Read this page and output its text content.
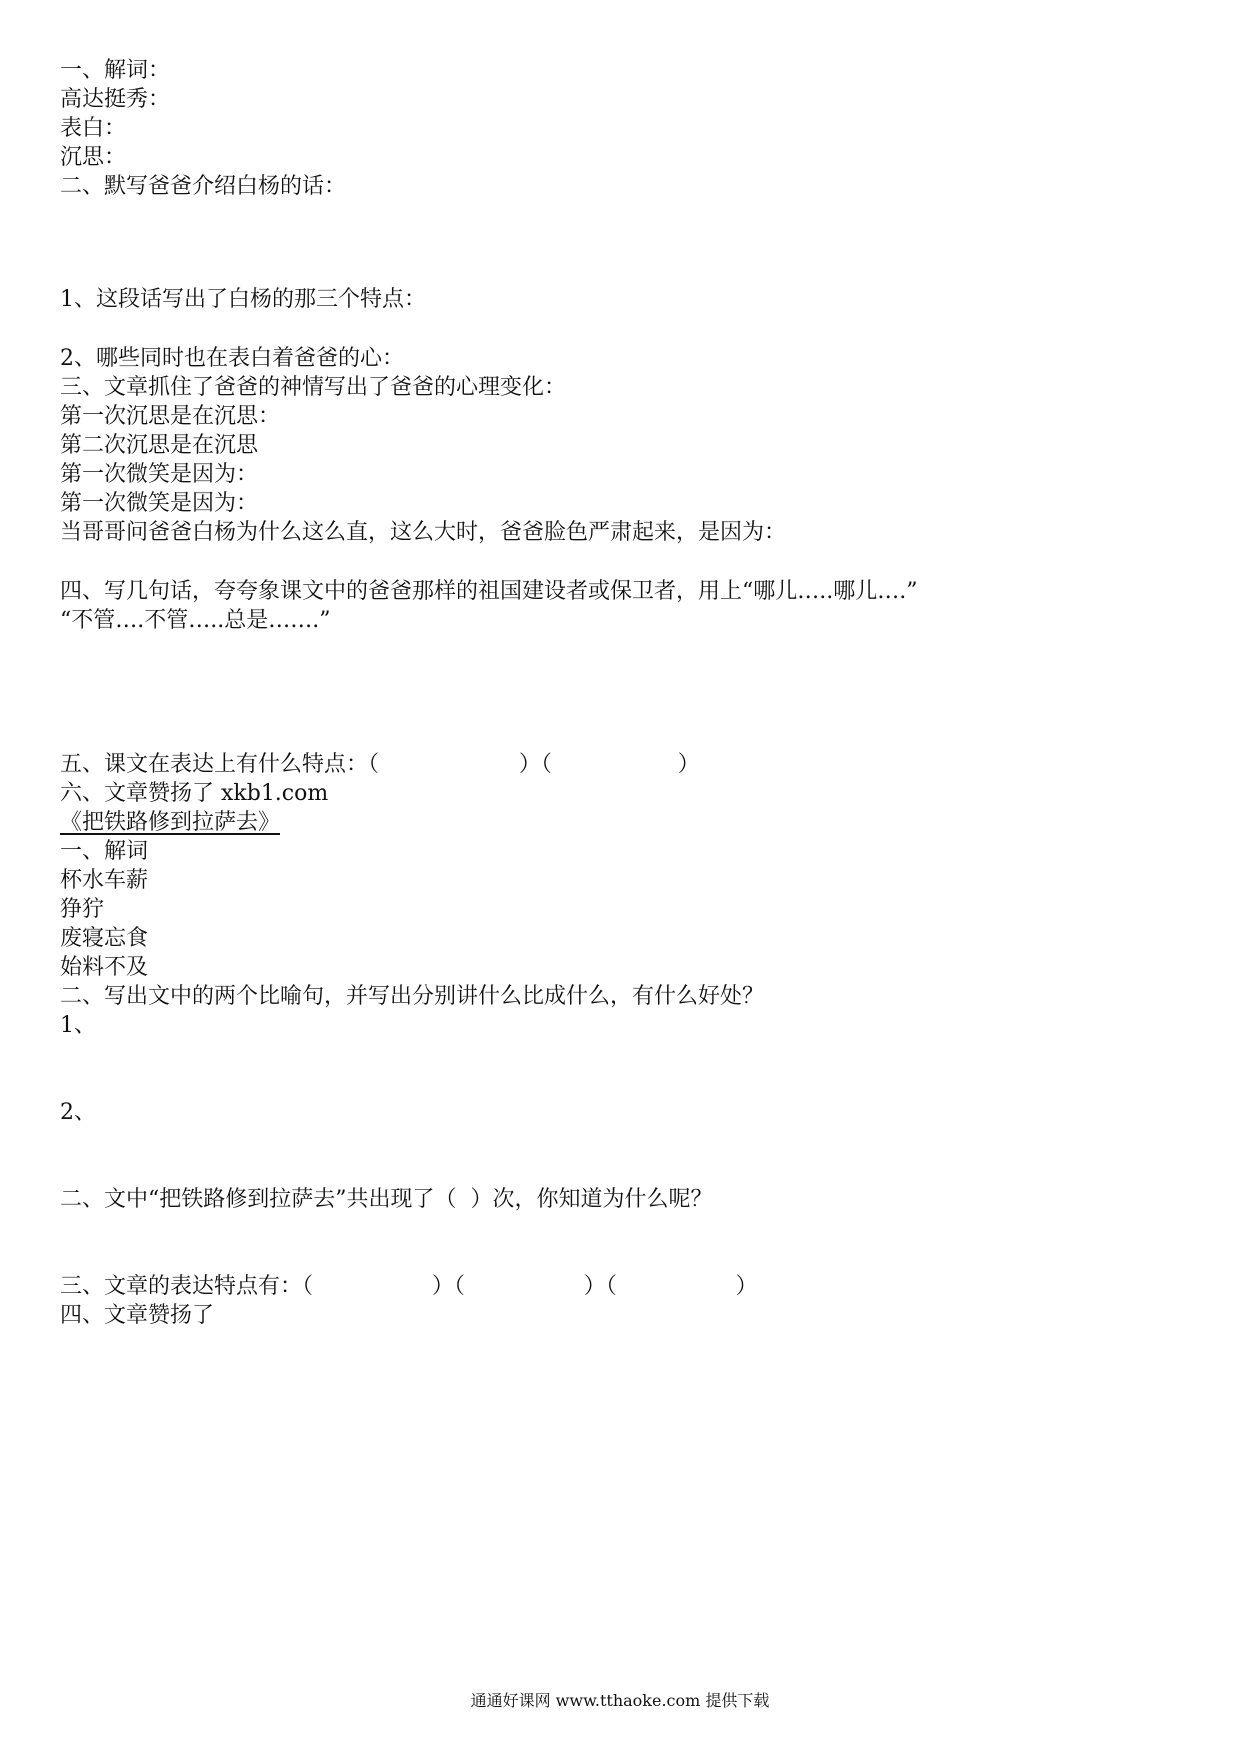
一、解词：
高达挺秀：
表白：
沉思：
二、默写爸爸介绍白杨的话：
1、这段话写出了白杨的那三个特点：
2、哪些同时也在表白着爸爸的心：
三、文章抓住了爸爸的神情写出了爸爸的心理变化：
第一次沉思是在沉思：
第二次沉思是在沉思
第一次微笑是因为：
第一次微笑是因为：
当哥哥问爸爸白杨为什么这么直，这么大时，爸爸脸色严肃起来，是因为：
四、写几句话，夸夸象课文中的爸爸那样的祖国建设者或保卫者，用上“哪儿…..哪儿….”
“不管….不管…..总是…….”
五、课文在表达上有什么特点：（                    ）（                  ）
六、文章赞扬了 xkb1.com
《把铁路修到拉萨去》
一、解词
杯水车薪
狰狞
废寝忘食
始料不及
二、写出文中的两个比喻句，并写出分别讲什么比成什么，有什么好处？
1、
2、
二、文中“把铁路修到拉萨去”共出现了（  ）次，你知道为什么呢？
三、文章的表达特点有：（                 ）（                 ）（                 ）
四、文章赞扬了
通通好课网 www.tthaoke.com 提供下载
